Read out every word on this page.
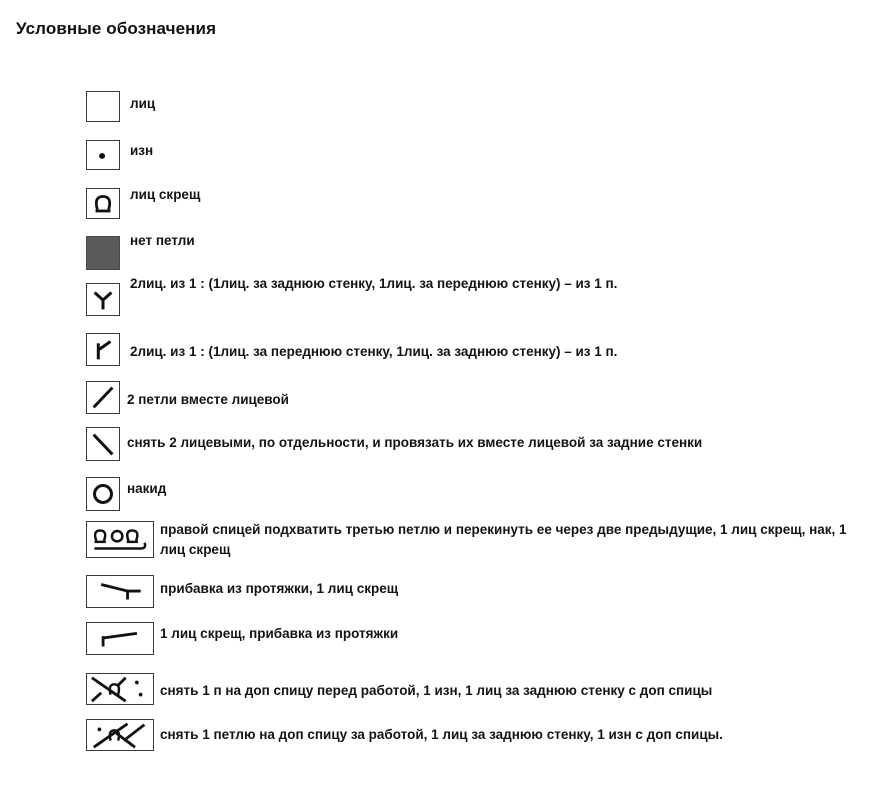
Условные обозначения
лиц
изн
лиц скрещ
нет петли
2лиц. из 1 : (1лиц. за заднюю стенку, 1лиц. за переднюю стенку) – из 1 п.
2лиц. из 1 : (1лиц. за переднюю стенку, 1лиц. за заднюю стенку) – из 1 п.
2 петли вместе лицевой
снять 2 лицевыми, по отдельности, и провязать их вместе лицевой за задние стенки
накид
правой спицей подхватить третью петлю и перекинуть ее через две предыдущие, 1 лиц скрещ, нак, 1 лиц скрещ
прибавка из протяжки, 1 лиц скрещ
1 лиц скрещ, прибавка из протяжки
снять 1 п на доп спицу перед работой, 1 изн, 1 лиц за заднюю стенку с доп спицы
снять 1 петлю на доп спицу за работой, 1 лиц за заднюю стенку, 1 изн с доп спицы.
